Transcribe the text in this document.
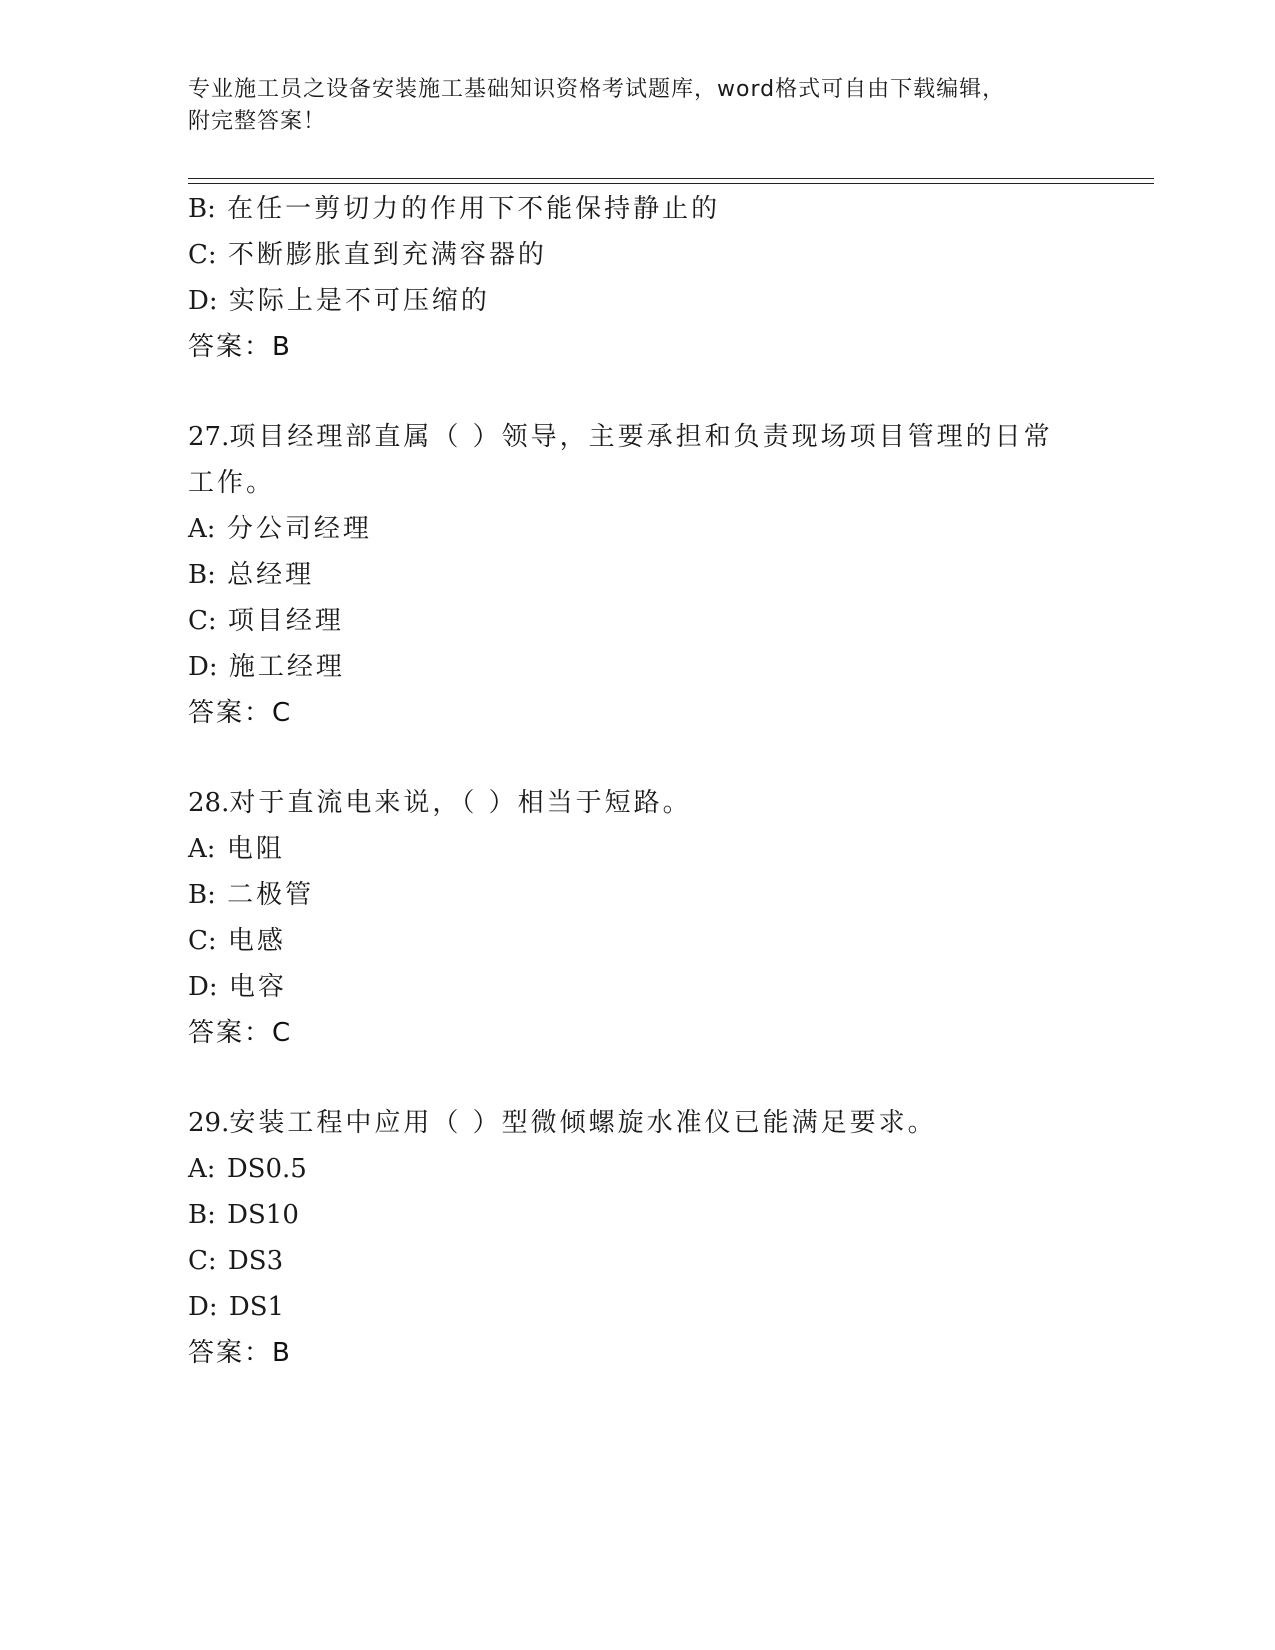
专业施工员之设备安装施工基础知识资格考试题库，word格式可自由下载编辑，
附完整答案！
B: 在任一剪切力的作用下不能保持静止的
C: 不断膨胀直到充满容器的
D: 实际上是不可压缩的
答案：B
27.项目经理部直属（ ）领导，主要承担和负责现场项目管理的日常工作。
A: 分公司经理
B: 总经理
C: 项目经理
D: 施工经理
答案：C
28.对于直流电来说，（ ）相当于短路。
A: 电阻
B: 二极管
C: 电感
D: 电容
答案：C
29.安装工程中应用（ ）型微倾螺旋水准仪已能满足要求。
A: DS0.5
B: DS10
C: DS3
D: DS1
答案：B
